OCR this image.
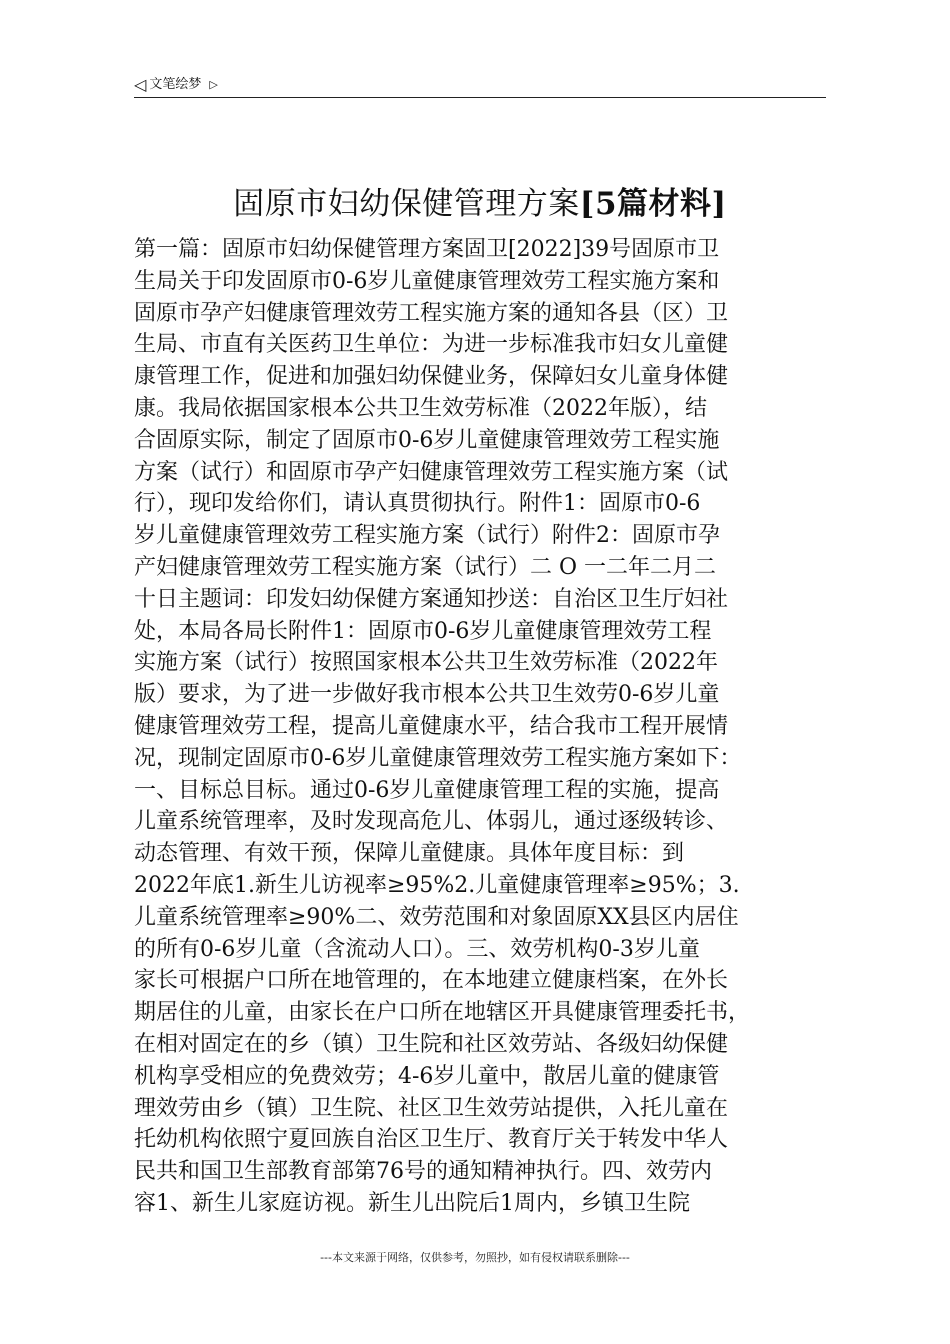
◁ 文笔绘梦 ▷
固原市妇幼保健管理方案[5篇材料]
第一篇：固原市妇幼保健管理方案固卫[2022]39号固原市卫
生局关于印发固原市0-6岁儿童健康管理效劳工程实施方案和
固原市孕产妇健康管理效劳工程实施方案的通知各县（区）卫
生局、市直有关医药卫生单位：为进一步标准我市妇女儿童健
康管理工作，促进和加强妇幼保健业务，保障妇女儿童身体健
康。我局依据国家根本公共卫生效劳标准（2022年版），结
合固原实际，制定了固原市0-6岁儿童健康管理效劳工程实施
方案（试行）和固原市孕产妇健康管理效劳工程实施方案（试
行），现印发给你们，请认真贯彻执行。附件1：固原市0-6
岁儿童健康管理效劳工程实施方案（试行）附件2：固原市孕
产妇健康管理效劳工程实施方案（试行）二 O 一二年二月二
十日主题词：印发妇幼保健方案通知抄送：自治区卫生厅妇社
处，本局各局长附件1：固原市0-6岁儿童健康管理效劳工程
实施方案（试行）按照国家根本公共卫生效劳标准（2022年
版）要求，为了进一步做好我市根本公共卫生效劳0-6岁儿童
健康管理效劳工程，提高儿童健康水平，结合我市工程开展情
况，现制定固原市0-6岁儿童健康管理效劳工程实施方案如下：
一、目标总目标。通过0-6岁儿童健康管理工程的实施，提高
儿童系统管理率，及时发现高危儿、体弱儿，通过逐级转诊、
动态管理、有效干预，保障儿童健康。具体年度目标：到
2022年底1.新生儿访视率≥95%2.儿童健康管理率≥95%；3.
儿童系统管理率≥90%二、效劳范围和对象固原XX县区内居住
的所有0-6岁儿童（含流动人口）。三、效劳机构0-3岁儿童
家长可根据户口所在地管理的，在本地建立健康档案，在外长
期居住的儿童，由家长在户口所在地辖区开具健康管理委托书，
在相对固定在的乡（镇）卫生院和社区效劳站、各级妇幼保健
机构享受相应的免费效劳；4-6岁儿童中，散居儿童的健康管
理效劳由乡（镇）卫生院、社区卫生效劳站提供，入托儿童在
托幼机构依照宁夏回族自治区卫生厅、教育厅关于转发中华人
民共和国卫生部教育部第76号的通知精神执行。四、效劳内
容1、新生儿家庭访视。新生儿出院后1周内，乡镇卫生院
---本文来源于网络，仅供参考，勿照抄，如有侵权请联系删除---
